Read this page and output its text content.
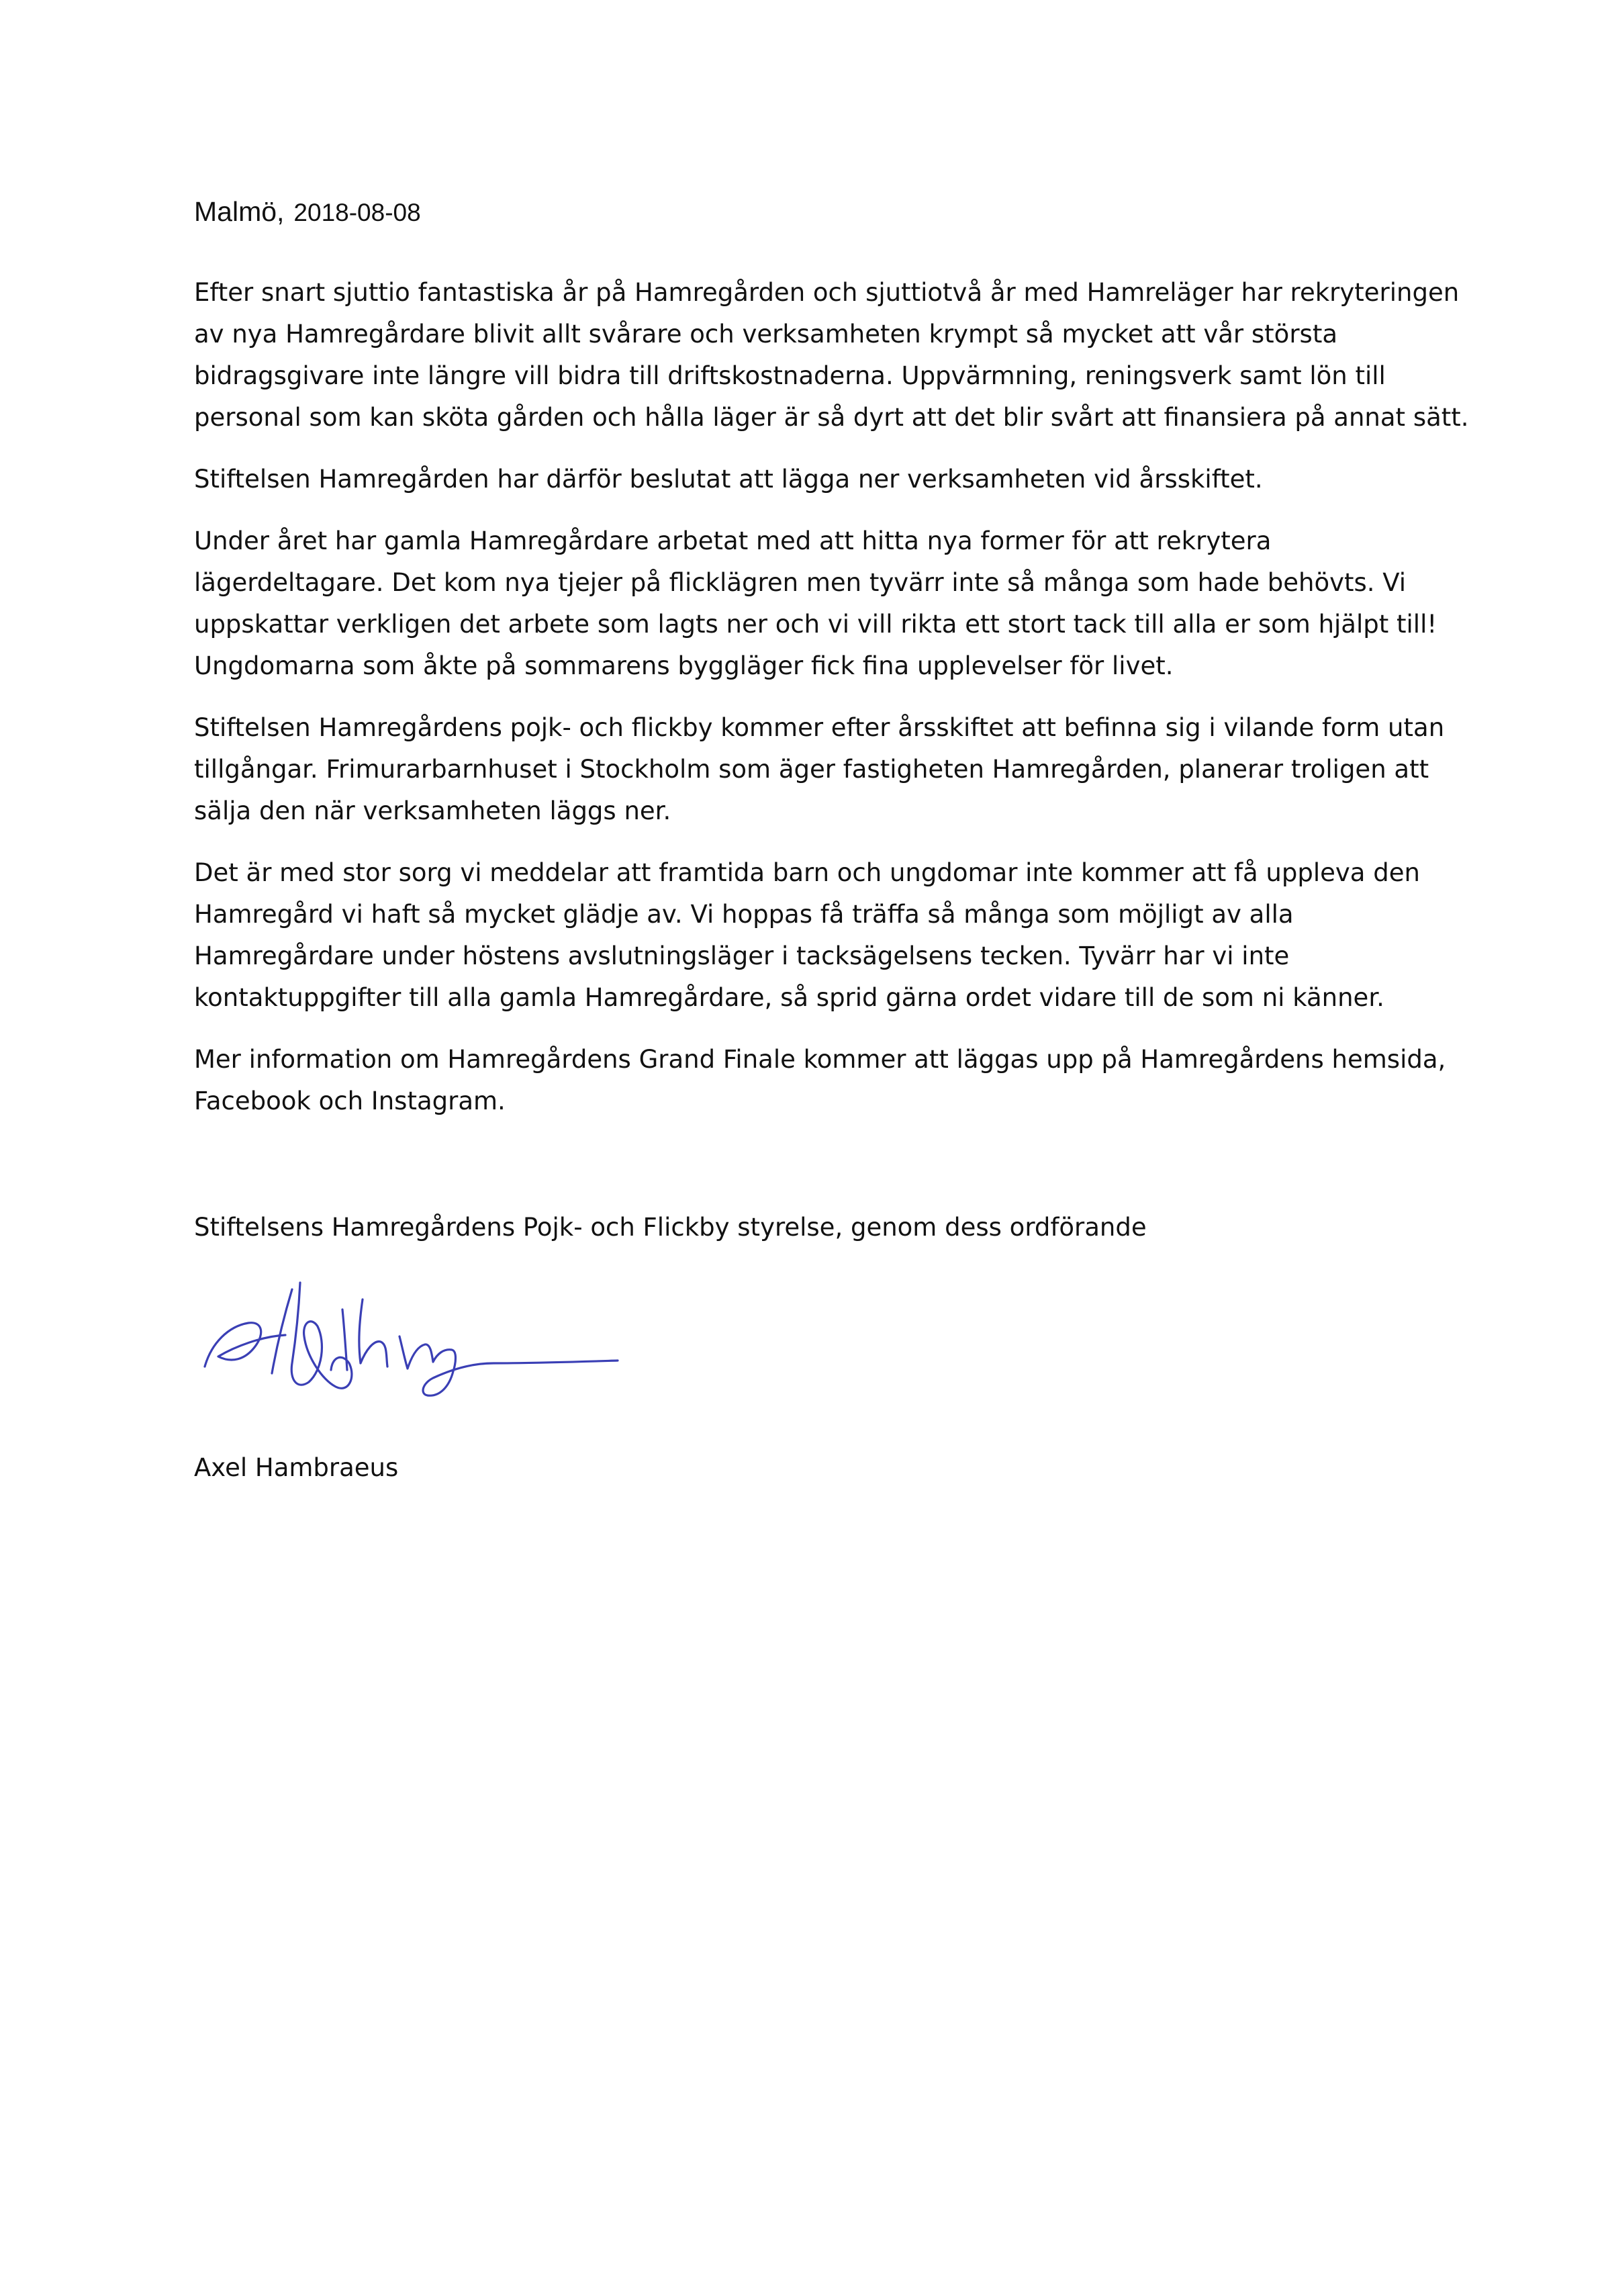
Malmö, 2018-08-08

Efter snart sjuttio fantastiska år på Hamregården och sjuttiotvå år med Hamreläger har rekryteringen
av nya Hamregårdare blivit allt svårare och verksamheten krympt så mycket att vår största
bidragsgivare inte längre vill bidra till driftskostnaderna. Uppvärmning, reningsverk samt lön till
personal som kan sköta gården och hålla läger är så dyrt att det blir svårt att finansiera på annat sätt.

Stiftelsen Hamregården har därför beslutat att lägga ner verksamheten vid årsskiftet.

Under året har gamla Hamregårdare arbetat med att hitta nya former för att rekrytera
lägerdeltagare. Det kom nya tjejer på flicklägren men tyvärr inte så många som hade behövts. Vi
uppskattar verkligen det arbete som lagts ner och vi vill rikta ett stort tack till alla er som hjälpt till!
Ungdomarna som åkte på sommarens byggläger fick fina upplevelser för livet.

Stiftelsen Hamregårdens pojk- och flickby kommer efter årsskiftet att befinna sig i vilande form utan
tillgångar. Frimurarbarnhuset i Stockholm som äger fastigheten Hamregården, planerar troligen att
sälja den när verksamheten läggs ner.

Det är med stor sorg vi meddelar att framtida barn och ungdomar inte kommer att få uppleva den
Hamregård vi haft så mycket glädje av. Vi hoppas få träffa så många som möjligt av alla
Hamregårdare under höstens avslutningsläger i tacksägelsens tecken. Tyvärr har vi inte
kontaktuppgifter till alla gamla Hamregårdare, så sprid gärna ordet vidare till de som ni känner.

Mer information om Hamregårdens Grand Finale kommer att läggas upp på Hamregårdens hemsida,
Facebook och Instagram.

Stiftelsens Hamregårdens Pojk- och Flickby styrelse, genom dess ordförande
Axel Hambraeus
